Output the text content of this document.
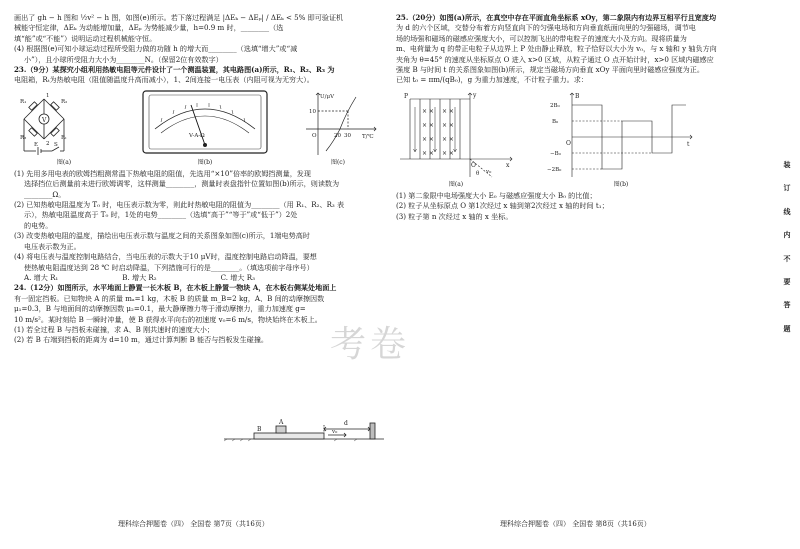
画出了 gh − h 图和 ½v² − h 图，如图(e)所示。若下落过程满足 |ΔEₖ − ΔEₚ| / ΔEₖ < 5% 即可验证机

械能守恒定律，ΔEₖ 为动能增加量，ΔEₚ 为势能减少量，h=0.9 m 时，________（选

填“能”或“不能”）说明运动过程机械能守恒。

(4) 根据图(e)可知小球运动过程所受阻力做的功随 h 的增大而________（选填“增大”或“减

小”），且小球所受阻力大小为________N。（保留2位有效数字）

23.（9分）某探究小组利用热敏电阻等元件设计了一个测温装置，其电路图(a)所示，R₁、R₂、R₃ 为

电阻箱，Rₜ为热敏电阻（阻值随温度升高而减小），1、2间连接一电压表（内阻可视为无穷大）。

V
R₁	R₂
R₃	Rₜ
1
2
E	S
图(a)
V-A-Ω
图(b)
U/μV
T/℃
10
20 30
O
图(c)

(1) 先用多用电表的欧姆挡粗测常温下热敏电阻的阻值，先选用“×10”倍率的欧姆挡测量，发现

选择挡位后测量前未进行欧姆调零，这样测量________，测量时表盘指针位置如图(b)所示，则读数为

________Ω。

(2) 已知热敏电阻温度为 T₀ 时，电压表示数为零，则此时热敏电阻的阻值为________（用 R₁、R₂、R₃ 表

示），热敏电阻温度高于 T₀ 时，1处的电势________（选填“高于”“等于”或“低于”）2处

的电势。

(3) 改变热敏电阻的温度，描绘出电压表示数与温度之间的关系图象如图(c)所示，1端电势高时

电压表示数为正。

(4) 将电压表与温度控制电路结合，当电压表的示数大于10 μV时，温度控制电路启动降温，要想

使热敏电阻温度达到 28 ℃ 时启动降温，下列措施可行的是________。（填选项前字母序号）

A. 增大 R₁	B. 增大 R₂	C. 增大 R₃

24.（12分）如图所示，水平地面上静置一长木板 B，在木板上静置一物块 A，在木板右侧某处地面上

有一固定挡板。已知物块 A 的质量 mₐ=1 kg，木板 B 的质量 m_B=2 kg，A、B 间的动摩擦因数

μ₁=0.3，B 与地面间的动摩擦因数 μ₂=0.1，最大静摩擦力等于滑动摩擦力，重力加速度 g=

10 m/s²。某时刻给 B 一瞬时冲量，使 B 获得水平向右的初速度 v₀=6 m/s，物块始终在木板上。

(1) 若全过程 B 与挡板未碰撞，求 A、B 刚共速时的速度大小；

(2) 若 B 右端到挡板的距离为 d=10 m，通过计算判断 B 能否与挡板发生碰撞。

A
B	v₀
d
考卷

25.（20分）如图(a)所示，在真空中存在平面直角坐标系 xOy，第二象限内有边界互相平行且宽度均

为 d 的六个区域，交替分布着方向竖直向下的匀强电场和方向垂直纸面向里的匀强磁场，调节电

场的场强和磁场的磁感应强度大小，可以控制飞出的带电粒子的速度大小及方向。现将质量为

m、电荷量为 q 的带正电粒子从边界上 P 处由静止释放，粒子恰好以大小为 v₀，与 x 轴和 y 轴负方向

夹角为 θ=45° 的速度从坐标原点 O 进入 x>0 区域，从粒子通过 O 点开始计时，x>0 区域内磁感应

强度 B 与时间 t 的关系图象如图(b)所示，规定当磁场方向垂直 xOy 平面向里时磁感应强度为正。

已知 t₀ = πm/(qB₀)，g 为重力加速度，不计粒子重力。求：

× ×
× ×
× ×
× ×
× ×
× ×
× ×
× ×
P	y
x
O
v₀
θ
图(a)
B
t
O
2B₀
B₀
−B₀
−2B₀
图(b)

(1) 第二象限中电场强度大小 E₀ 与磁感应强度大小 B₀ 的比值；

(2) 粒子从坐标原点 O 第1次经过 x 轴到第2次经过 x 轴的时间 t₁；

(3) 粒子第 n 次经过 x 轴的 x 坐标。

装
订
线
内
不
要
答
题
理科综合押题卷（四） 全国卷 第7页（共16页）	理科综合押题卷（四） 全国卷 第8页（共16页）
